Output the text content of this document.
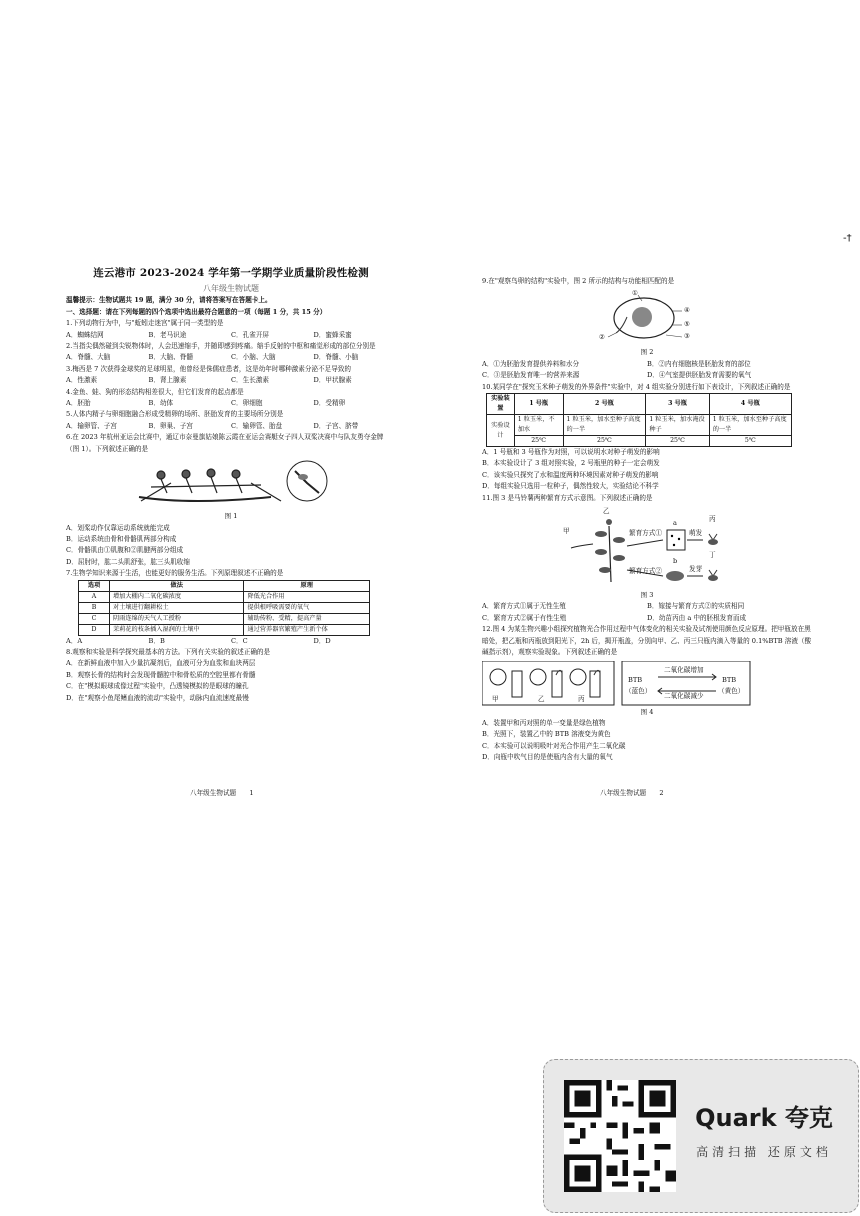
-†

连云港市 2023-2024 学年第一学期学业质量阶段性检测

八年级生物试题

温馨提示：生物试题共 19 题，满分 30 分，请将答案写在答题卡上。

一、选择题：请在下列每题的四个选项中选出最符合题意的一项（每题 1 分，共 15 分）

1.下列动物行为中，与"蚯蚓走迷宫"属于同一类型的是

A．蜘蛛结网	B．老马识途	C．孔雀开屏	D．蜜蜂采蜜

2.当指尖偶然碰到尖锐物体时，人会迅速缩手，并随即感到疼痛。缩手反射的中枢和痛觉形成的部位分别是

A．脊髓、大脑	B．大脑、脊髓	C．小脑、大脑	D．脊髓、小脑

3.梅西是 7 次获得金球奖的足球明星，他曾经是侏儒症患者，这是幼年时哪种激素分泌不足导致的

A．性激素	B．肾上腺素	C．生长激素	D．甲状腺素

4.金鱼、蛙、狗的形态结构相差很大，但它们发育的起点都是

A．胚胎	B．幼体	C．卵细胞	D．受精卵

5.人体内精子与卵细胞融合形成受精卵的场所、胚胎发育的主要场所分别是

A．输卵管、子宫	B．卵巢、子宫	C．输卵管、胎盘	D．子宫、脐带

6.在 2023 年杭州亚运会比赛中，通辽市奈曼旗姑娘陈云霞在亚运会赛艇女子四人双桨决赛中与队友勇夺金牌（图 1）。下列叙述正确的是

图 1

A．划桨动作仅靠运动系统就能完成

B．运动系统由骨和骨骼肌两部分构成

C．骨骼肌由①肌腹和②肌腱两部分组成

D．屈肘时，肱二头肌舒张，肱三头肌收缩

7.生物学知识来源于生活，也能更好的服务生活。下列原理叙述不正确的是

选项	做法	原理
A	增加大棚内二氧化碳浓度	降低光合作用
B	对土壤进行翻耕松土	提供根呼吸需要的氧气
C	阴雨连绵的天气人工授粉	辅助传粉、受精，提高产量
D	茉莉花的枝条插入湿润的土壤中	通过营养器官繁殖产生新个体
A．A	B．B	C．C	D．D

8.观察和实验是科学探究最基本的方法。下列有关实验的叙述正确的是

A．在新鲜血液中加入少量抗凝剂后，血液可分为血浆和血块两层

B．观察长骨的结构时会发现骨髓腔中和骨松质的空腔里都有骨髓

C．在"模拟眼球成像过程"实验中，凸透镜模拟的是眼球的瞳孔

D．在"观察小鱼尾鳍血液的流动"实验中，动脉内血流速度最慢

八年级生物试题　　1

9.在"观察鸟卵的结构"实验中，图 2 所示的结构与功能相匹配的是

①
②	③
④
⑤

图 2

A．①为胚胎发育提供养料和水分	B．②内有细胞核是胚胎发育的部位
C．③是胚胎发育唯一的营养来源	D．④气室提供胚胎发育需要的氧气

10.某同学在"探究玉米种子萌发的外界条件"实验中，对 4 组实验分别进行如下表设计，下列叙述正确的是

实验装置	1 号瓶	2 号瓶	3 号瓶	4 号瓶
实验设计	1 粒玉米，不加水	1 粒玉米，加水至种子高度的一半	1 粒玉米，加水淹没种子	1 粒玉米，加水至种子高度的一半
	25℃	25℃	25℃	5℃

A．1 号瓶和 3 号瓶作为对照，可以说明水对种子萌发的影响

B．本实验设计了 3 组对照实验，2 号瓶里的种子一定会萌发

C．该实验只探究了水和温度两种环境因素对种子萌发的影响

D．每组实验只选用一粒种子，偶然性较大，实验结论不科学

11.图 3 是马铃薯两种繁育方式示意图。下列叙述正确的是

乙
甲
丙
丁
繁育方式①
繁育方式②
萌发
发芽
a
b

图 3

A．繁育方式①属于无性生殖	B．嫁接与繁育方式②的实质相同
C．繁育方式②属于有性生殖	D．幼苗丙由 a 中的胚根发育而成

12.图 4 为某生物兴趣小组探究植物光合作用过程中气体变化的相关实验及试剂使用颜色反应原理。把甲瓶放在黑暗处，把乙瓶和丙瓶放到阳光下，2h 后，揭开瓶盖，分别向甲、乙、丙三只瓶内滴入等量的 0.1%BTB 溶液（酸碱指示剂），观察实验现象。下列叙述正确的是

甲	乙	丙
二氧化碳增加
二氧化碳减少
BTB
（蓝色）
BTB
（黄色）

图 4

A．装置甲和丙对照的单一变量是绿色植物

B．光照下，装置乙中的 BTB 溶液变为黄色

C．本实验可以说明吸叶对光合作用产生二氧化碳

D．向瓶中吹气目的是使瓶内含有大量的氧气

八年级生物试题　　2
Quark 夸克
高清扫描 还原文档
